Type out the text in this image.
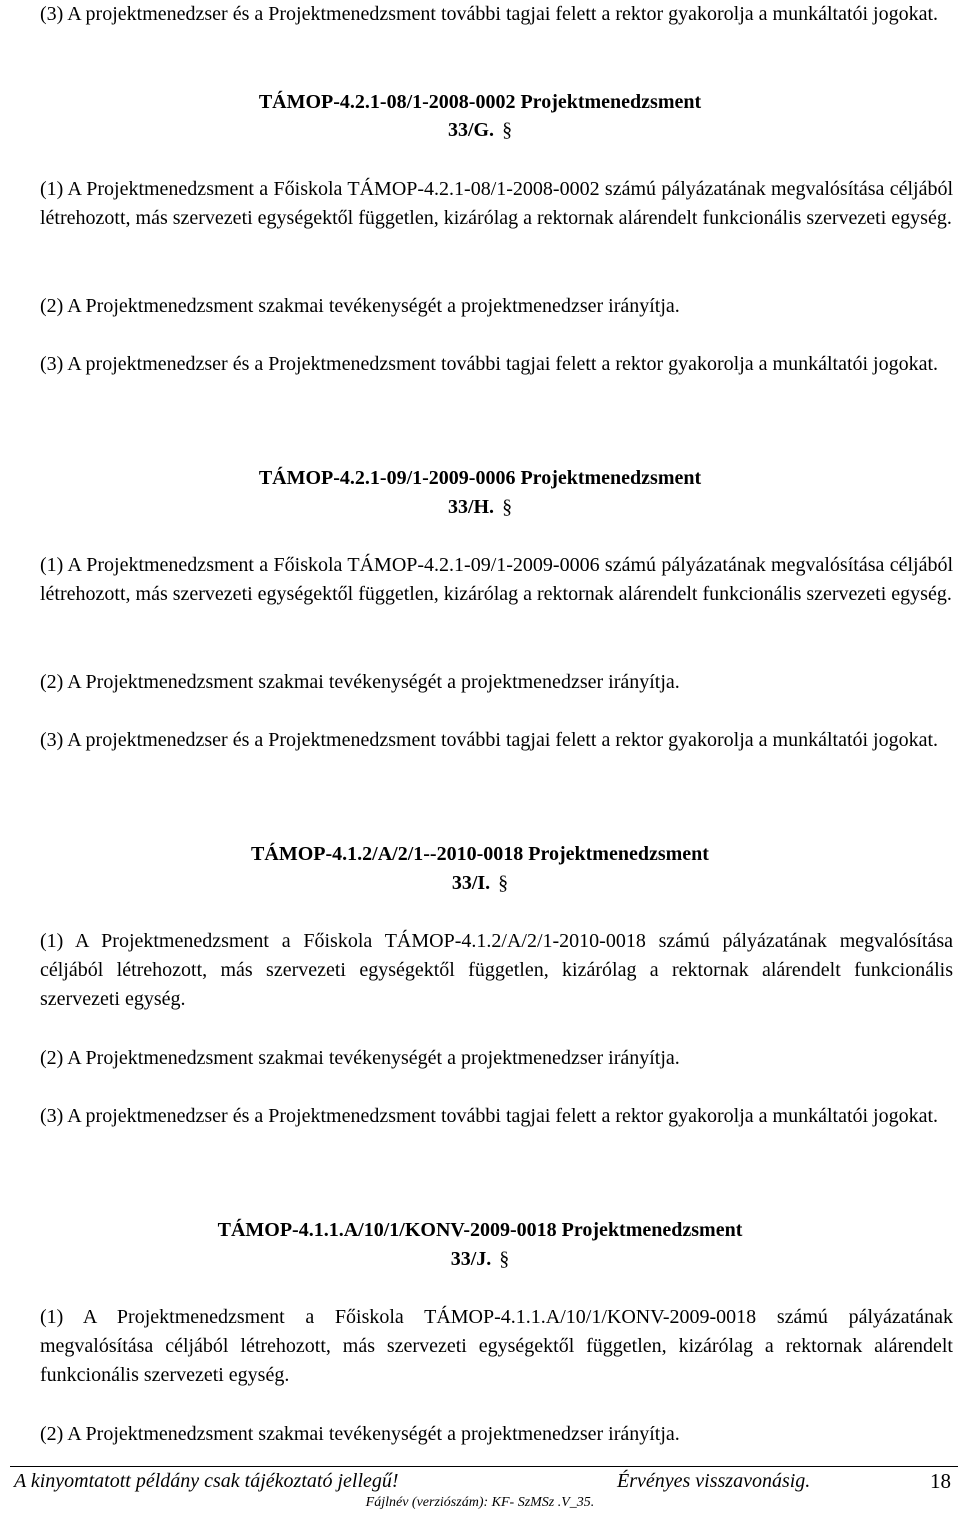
(3) A projektmenedzser és a Projektmenedzsment további tagjai felett a rektor gyakorolja a munkáltatói jogokat.

TÁMOP-4.2.1-08/1-2008-0002 Projektmenedzsment

33/G. §

(1) A Projektmenedzsment a Főiskola TÁMOP-4.2.1-08/1-2008-0002 számú pályázatának megvalósítása céljából létrehozott, más szervezeti egységektől független, kizárólag a rektornak alárendelt funkcionális szervezeti egység.

(2) A Projektmenedzsment szakmai tevékenységét a projektmenedzser irányítja.

(3) A projektmenedzser és a Projektmenedzsment további tagjai felett a rektor gyakorolja a munkáltatói jogokat.

TÁMOP-4.2.1-09/1-2009-0006 Projektmenedzsment

33/H. §

(1) A Projektmenedzsment a Főiskola TÁMOP-4.2.1-09/1-2009-0006 számú pályázatának megvalósítása céljából létrehozott, más szervezeti egységektől független, kizárólag a rektornak alárendelt funkcionális szervezeti egység.

(2) A Projektmenedzsment szakmai tevékenységét a projektmenedzser irányítja.

(3) A projektmenedzser és a Projektmenedzsment további tagjai felett a rektor gyakorolja a munkáltatói jogokat.

TÁMOP-4.1.2/A/2/1--2010-0018 Projektmenedzsment

33/I. §

(1) A Projektmenedzsment a Főiskola TÁMOP-4.1.2/A/2/1-2010-0018 számú pályázatának megvalósítása céljából létrehozott, más szervezeti egységektől független, kizárólag a rektornak alárendelt funkcionális szervezeti egység.

(2) A Projektmenedzsment szakmai tevékenységét a projektmenedzser irányítja.

(3) A projektmenedzser és a Projektmenedzsment további tagjai felett a rektor gyakorolja a munkáltatói jogokat.

TÁMOP-4.1.1.A/10/1/KONV-2009-0018 Projektmenedzsment

33/J. §

(1) A Projektmenedzsment a Főiskola TÁMOP-4.1.1.A/10/1/KONV-2009-0018 számú pályázatának megvalósítása céljából létrehozott, más szervezeti egységektől független, kizárólag a rektornak alárendelt funkcionális szervezeti egység.

(2) A Projektmenedzsment szakmai tevékenységét a projektmenedzser irányítja.

A kinyomtatott példány csak tájékoztató jellegű!	Érvényes visszavonásig.	18
Fájlnév (verziószám): KF- SzMSz .V_35.
